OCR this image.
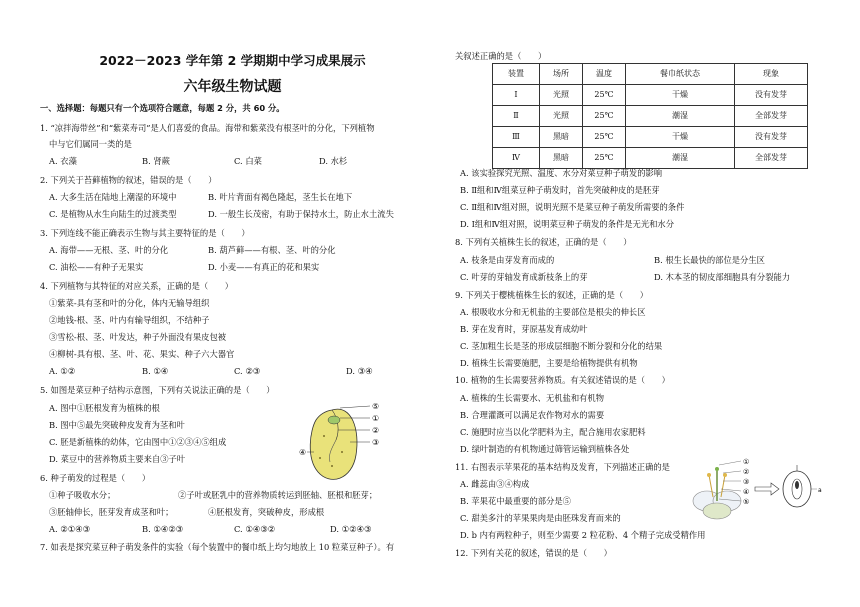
2022－2023 学年第 2 学期期中学习成果展示
六年级生物试题
一、选择题：每题只有一个选项符合题意，每题 2 分，共 60 分。
1. “凉拌海带丝”和“紫菜寿司”是人们喜爱的食品。海带和紫菜没有根茎叶的分化，下列植物
中与它们属同一类的是
A. 衣藻	B. 肾蕨	C. 白菜	D. 水杉
2. 下列关于苔藓植物的叙述，错误的是（　　）
A. 大多生活在陆地上潮湿的环境中	B. 叶片背面有褐色隆起，茎生长在地下
C. 是植物从水生向陆生的过渡类型	D. 一般生长茂密，有助于保持水土，防止水土流失
3. 下列连线不能正确表示生物与其主要特征的是（　　）
A. 海带——无根、茎、叶的分化	B. 葫芦藓——有根、茎、叶的分化
C. 油松——有种子无果实	D. 小麦——有真正的花和果实
4. 下列植物与其特征的对应关系，正确的是（　　）
①紫菜-具有茎和叶的分化，体内无输导组织
②地钱-根、茎、叶内有输导组织，不结种子
③雪松-根、茎、叶发达，种子外面没有果皮包被
④柳树-具有根、茎、叶、花、果实、种子六大器官
A. ①②	B. ①④	C. ②③	D. ③④
5. 如图是菜豆种子结构示意图，下列有关说法正确的是（　　）
A. 图中①胚根发育为植株的根
B. 图中⑤最先突破种皮发育为茎和叶
C. 胚是新植株的幼体，它由图中①②③④⑤组成
D. 菜豆中的营养物质主要来自③子叶
⑤
①
②
③
④
6. 种子萌发的过程是（　　）
①种子吸收水分；	②子叶或胚乳中的营养物质转运到胚轴、胚根和胚芽；
③胚轴伸长，胚芽发育成茎和叶；	④胚根发育，突破种皮，形成根
A. ②①④③	B. ①④②③	C. ①④③②	D. ①②④③
7. 如表是探究菜豆种子萌发条件的实验（每个装置中的餐巾纸上均匀地放上 10 粒菜豆种子）。有
关叙述正确的是（　　）
装置	场所	温度	餐巾纸状态	现象
Ⅰ	光照	25℃	干燥	没有发芽
Ⅱ	光照	25℃	潮湿	全部发芽
Ⅲ	黑暗	25℃	干燥	没有发芽
Ⅳ	黑暗	25℃	潮湿	全部发芽
A. 该实验探究光照、温度、水分对菜豆种子萌发的影响
B. Ⅱ组和Ⅳ组菜豆种子萌发时，首先突破种皮的是胚芽
C. Ⅱ组和Ⅳ组对照，说明光照不是菜豆种子萌发所需要的条件
D. Ⅰ组和Ⅳ组对照，说明菜豆种子萌发的条件是无光和水分
8. 下列有关植株生长的叙述，正确的是（　　）
A. 枝条是由芽发育而成的	B. 根生长最快的部位是分生区
C. 叶芽的芽轴发育成新枝条上的芽	D. 木本茎的韧皮部细胞具有分裂能力
9. 下列关于樱桃植株生长的叙述，正确的是（　　）
A. 根吸收水分和无机盐的主要部位是根尖的伸长区
B. 芽在发育时，芽原基发育成幼叶
C. 茎加粗生长是茎的形成层细胞不断分裂和分化的结果
D. 植株生长需要施肥，主要是给植物提供有机物
10. 植物的生长需要营养物质。有关叙述错误的是（　　）
A. 植株的生长需要水、无机盐和有机物
B. 合理灌溉可以满足农作物对水的需要
C. 施肥时应当以化学肥料为主，配合施用农家肥料
D. 绿叶制造的有机物通过筛管运输到植株各处
11. 右图表示苹果花的基本结构及发育，下列描述正确的是
A. 雌蕊由③④构成
B. 苹果花中最重要的部分是⑤
C. 甜美多汁的苹果果肉是由胚珠发育而来的
D. b 内有两粒种子，则至少需要 2 粒花粉、4 个精子完成受精作用
①
②
③
④
⑤
a
12. 下列有关花的叙述，错误的是（　　）
